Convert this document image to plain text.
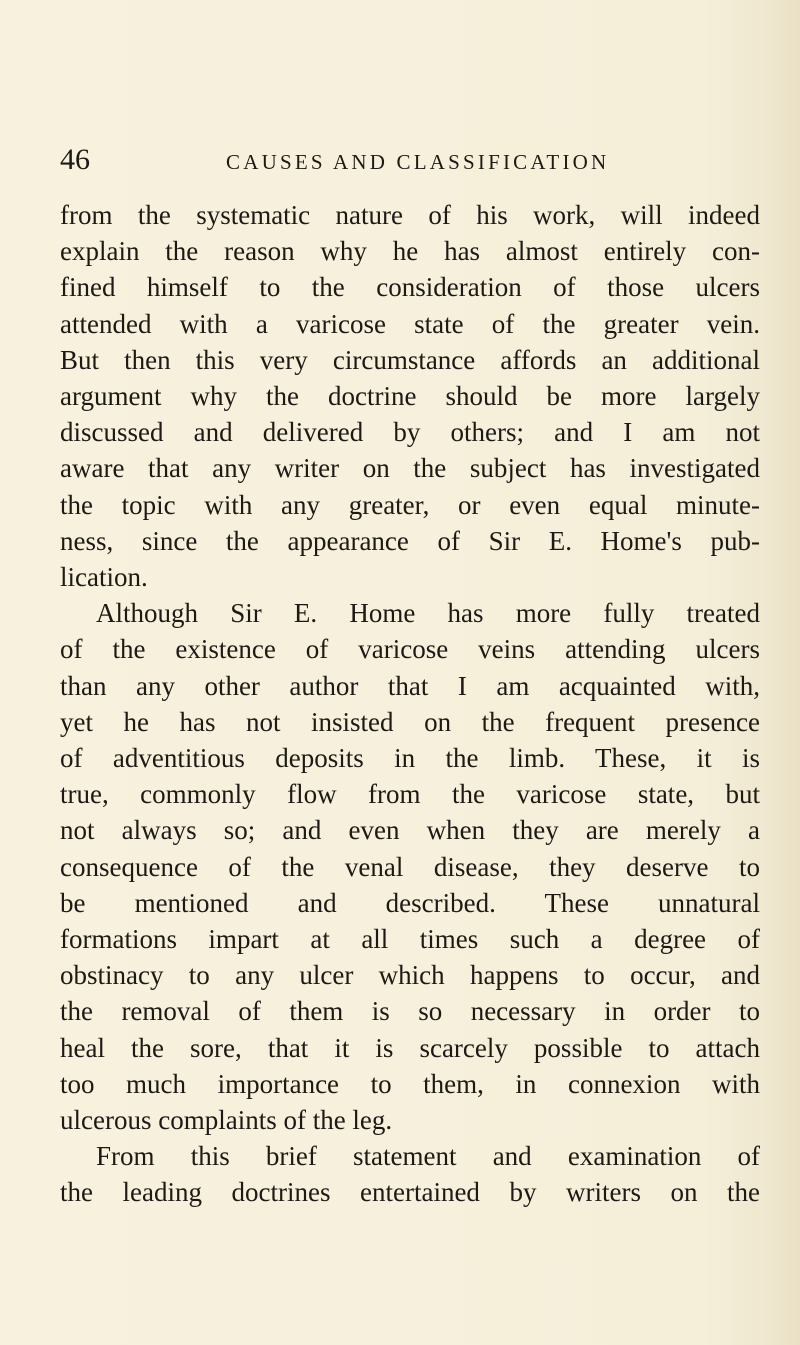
46	CAUSES AND CLASSIFICATION
from the systematic nature of his work, will indeed
explain the reason why he has almost entirely con-
fined himself to the consideration of those ulcers
attended with a varicose state of the greater vein.
But then this very circumstance affords an additional
argument why the doctrine should be more largely
discussed and delivered by others; and I am not
aware that any writer on the subject has investigated
the topic with any greater, or even equal minute-
ness, since the appearance of Sir E. Home's pub-
lication.
Although Sir E. Home has more fully treated
of the existence of varicose veins attending ulcers
than any other author that I am acquainted with,
yet he has not insisted on the frequent presence
of adventitious deposits in the limb. These, it is
true, commonly flow from the varicose state, but
not always so; and even when they are merely a
consequence of the venal disease, they deserve to
be mentioned and described. These unnatural
formations impart at all times such a degree of
obstinacy to any ulcer which happens to occur, and
the removal of them is so necessary in order to
heal the sore, that it is scarcely possible to attach
too much importance to them, in connexion with
ulcerous complaints of the leg.
From this brief statement and examination of
the leading doctrines entertained by writers on the
